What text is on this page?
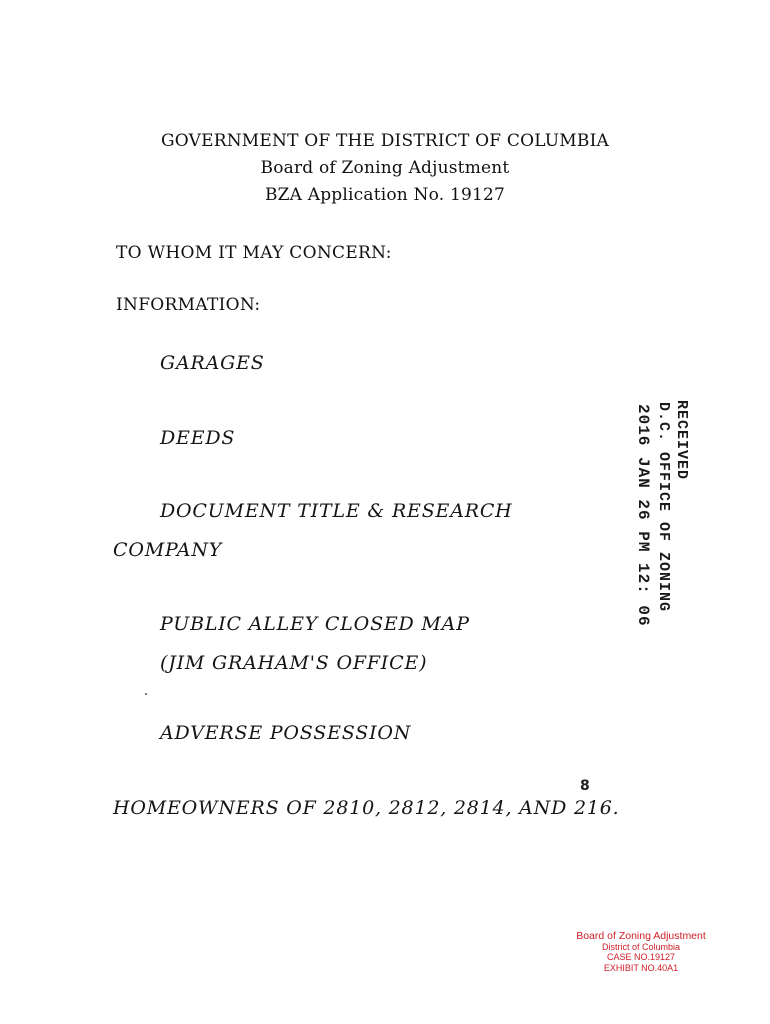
GOVERNMENT OF THE DISTRICT OF COLUMBIA
Board of Zoning Adjustment
BZA Application No. 19127
TO WHOM IT MAY CONCERN:
INFORMATION:
GARAGES
DEEDS
DOCUMENT TITLE & RESEARCH
COMPANY
PUBLIC ALLEY CLOSED MAP
(JIM GRAHAM'S OFFICE)
ADVERSE POSSESSION
HOMEOWNERS OF 2810, 2812, 2814, AND 216.
8
RECEIVED
D.C. OFFICE OF ZONING
2016 JAN 26 PM 12: 06
Board of Zoning Adjustment
District of Columbia
CASE NO.19127
EXHIBIT NO.40A1
